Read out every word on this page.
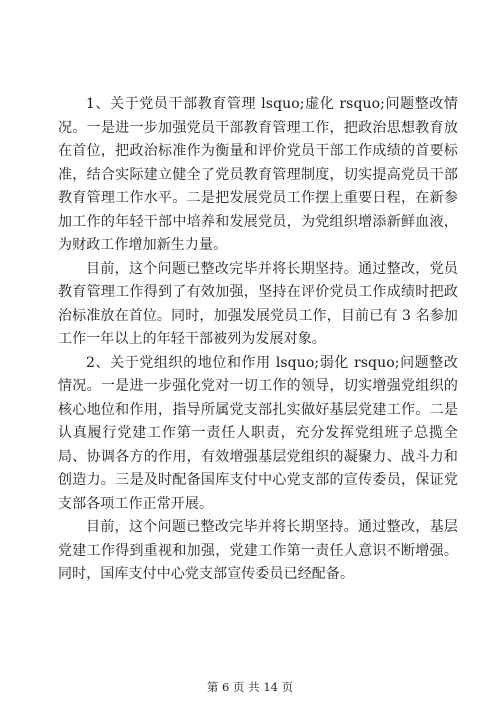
1、关于党员干部教育管理 lsquo;虚化 rsquo;问题整改情况。一是进一步加强党员干部教育管理工作，把政治思想教育放在首位，把政治标准作为衡量和评价党员干部工作成绩的首要标准，结合实际建立健全了党员教育管理制度，切实提高党员干部教育管理工作水平。二是把发展党员工作摆上重要日程，在新参加工作的年轻干部中培养和发展党员，为党组织增添新鲜血液，为财政工作增加新生力量。

目前，这个问题已整改完毕并将长期坚持。通过整改，党员教育管理工作得到了有效加强，坚持在评价党员工作成绩时把政治标准放在首位。同时，加强发展党员工作，目前已有 3 名参加工作一年以上的年轻干部被列为发展对象。

2、关于党组织的地位和作用 lsquo;弱化 rsquo;问题整改情况。一是进一步强化党对一切工作的领导，切实增强党组织的核心地位和作用，指导所属党支部扎实做好基层党建工作。二是认真履行党建工作第一责任人职责，充分发挥党组班子总揽全局、协调各方的作用，有效增强基层党组织的凝聚力、战斗力和创造力。三是及时配备国库支付中心党支部的宣传委员，保证党支部各项工作正常开展。

目前，这个问题已整改完毕并将长期坚持。通过整改，基层党建工作得到重视和加强，党建工作第一责任人意识不断增强。同时，国库支付中心党支部宣传委员已经配备。

第 6 页 共 14 页
